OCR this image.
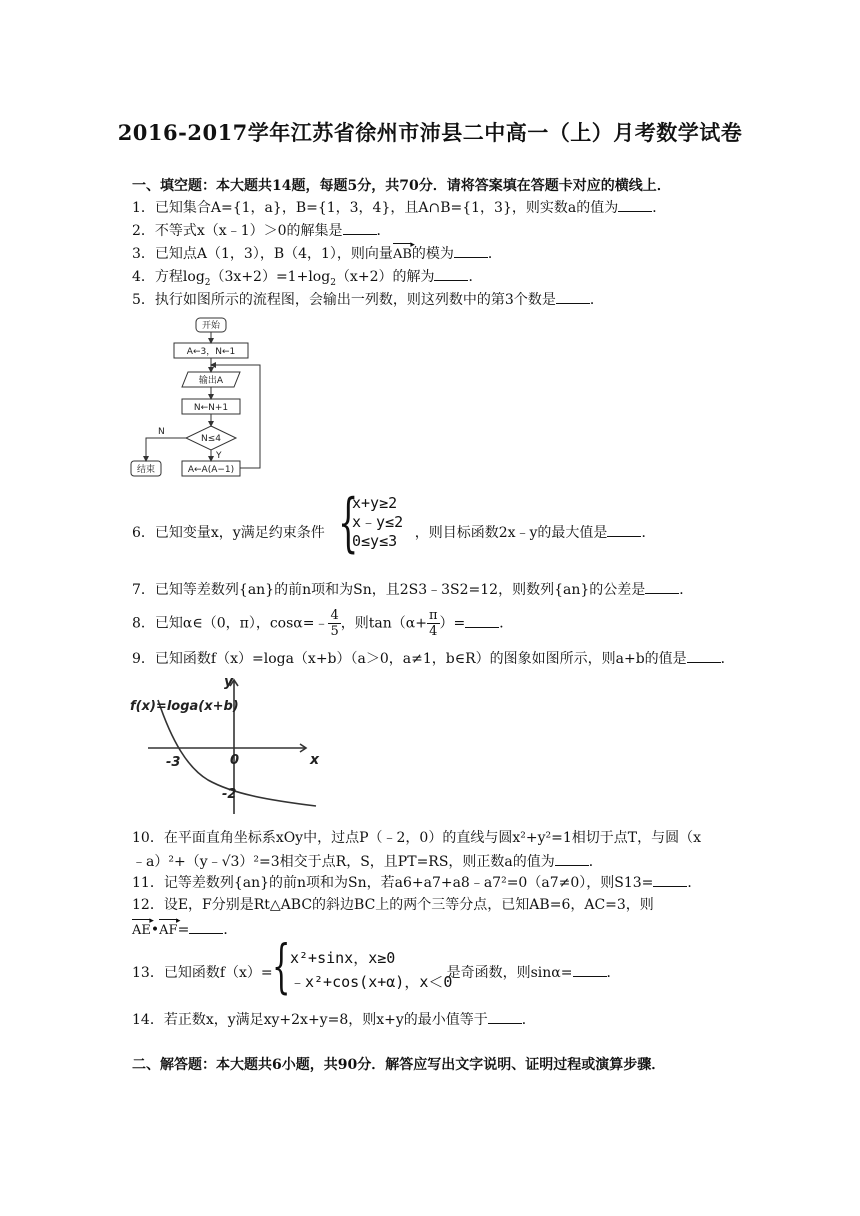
2016-2017学年江苏省徐州市沛县二中高一（上）月考数学试卷
一、填空题：本大题共14题，每题5分，共70分．请将答案填在答题卡对应的横线上．
1．已知集合A={1，a}，B={1，3，4}，且A∩B={1，3}，则实数a的值为 ．
2．不等式x（x﹣1）＞0的解集是 ．
3．已知点A（1，3），B（4，1），则向量AB ▸的模为 ．
4．方程$\log_2(3x+2)=1+\log_2(x+2)$的解为 ．
5．执行如图所示的流程图，会输出一列数，则这列数中的第3个数是 ．
开始
A←3，N←1
输出A
N←N+1
N≤4
Y
N
结束	A←A(A−1)
6．已知变量x，y满足约束条件	，则目标函数2x﹣y的最大值是 ．
{
x+y≥2
x﹣y≤2
0≤y≤3
7．已知等差数列{an}的前n项和为Sn，且2S3﹣3S2=12，则数列{an}的公差是 ．
8．已知α∈（0，π），cosα=﹣ $\frac{4}{5}$ ，则$\tan(\alpha+ \frac{\pi}{4}$ ）= ．
9．已知函数f（x）=loga（x+b）（a＞0，a≠1，b∈R）的图象如图所示，则a+b的值是 ．
f(x)=loga(x+b)
y
x
-3	0
-2
10．在平面直角坐标系xOy中，过点P（﹣2，0）的直线与圆x²+y²=1相切于点T，与圆（x
﹣a）²+（y﹣√3）²=3相交于点R，S，且PT=RS，则正数a的值为 ．
11．记等差数列{an}的前n项和为Sn，若a6+a7+a8﹣a7²=0（a7≠0），则S13= ．
12．设E，F分别是Rt△ABC的斜边BC上的两个三等分点，已知AB=6，AC=3，则
AE ▸•AF ▸= ．
13．已知函数f（x）=	是奇函数，则sinα= ．
{ x²+sinx，x≥0
﹣x²+cos(x+α)，x＜0
14．若正数x，y满足xy+2x+y=8，则x+y的最小值等于 ．
二、解答题：本大题共6小题，共90分．解答应写出文字说明、证明过程或演算步骤．
